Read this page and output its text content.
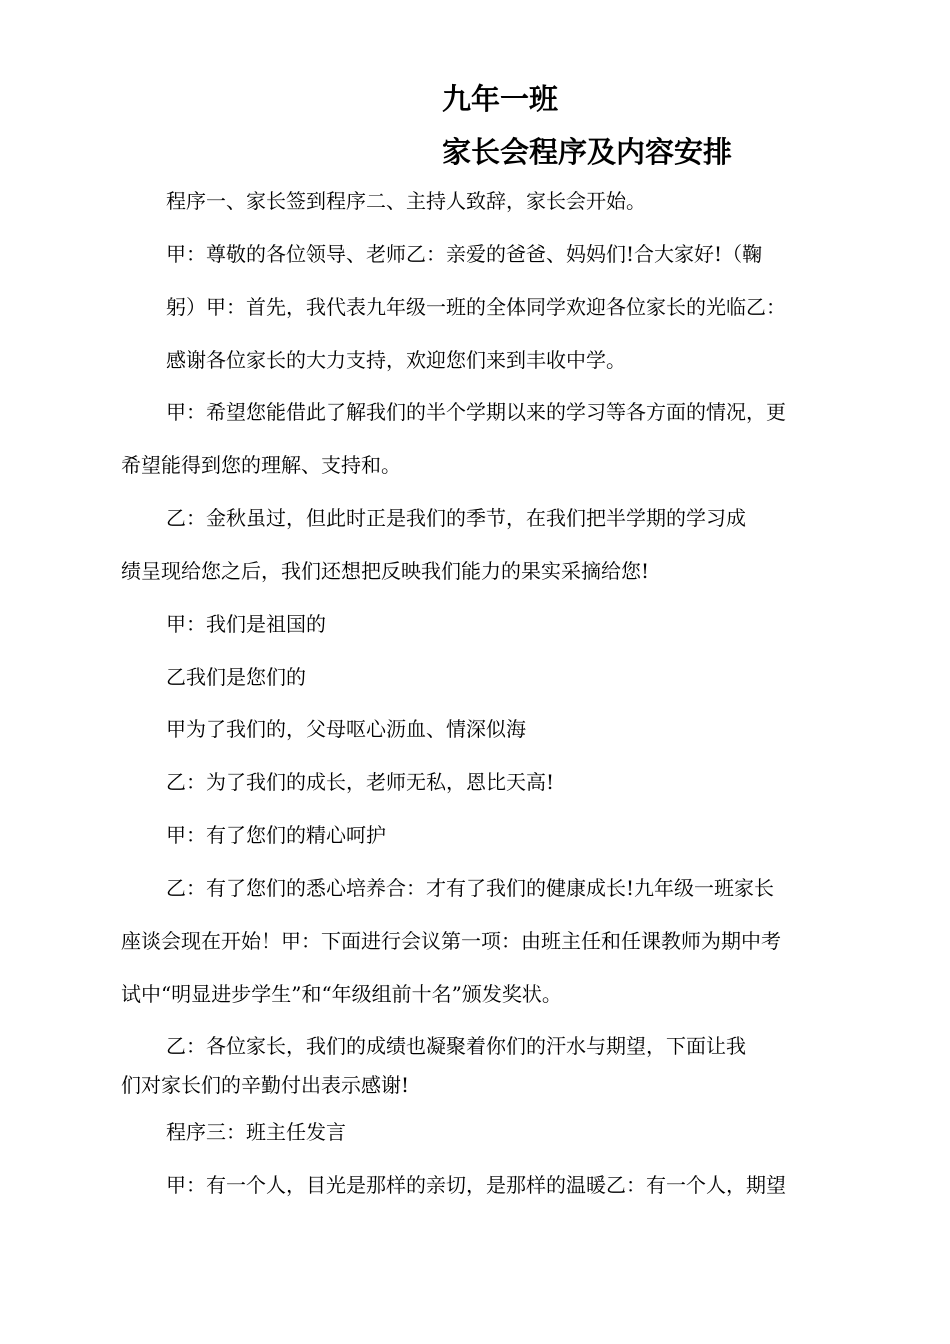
九年一班
家长会程序及内容安排
程序一、家长签到程序二、主持人致辞，家长会开始。
甲：尊敬的各位领导、老师乙：亲爱的爸爸、妈妈们!合大家好!（鞠
躬）甲：首先，我代表九年级一班的全体同学欢迎各位家长的光临乙：
感谢各位家长的大力支持，欢迎您们来到丰收中学。
甲：希望您能借此了解我们的半个学期以来的学习等各方面的情况，更
希望能得到您的理解、支持和。
乙：金秋虽过，但此时正是我们的季节，在我们把半学期的学习成
绩呈现给您之后，我们还想把反映我们能力的果实采摘给您!
甲：我们是祖国的
乙我们是您们的
甲为了我们的，父母呕心沥血、情深似海
乙：为了我们的成长，老师无私，恩比天高!
甲：有了您们的精心呵护
乙：有了您们的悉心培养合：才有了我们的健康成长!九年级一班家长
座谈会现在开始！甲：下面进行会议第一项：由班主任和任课教师为期中考
试中“明显进步学生”和“年级组前十名”颁发奖状。
乙：各位家长，我们的成绩也凝聚着你们的汗水与期望，下面让我
们对家长们的辛勤付出表示感谢!
程序三：班主任发言
甲：有一个人，目光是那样的亲切，是那样的温暖乙：有一个人，期望
